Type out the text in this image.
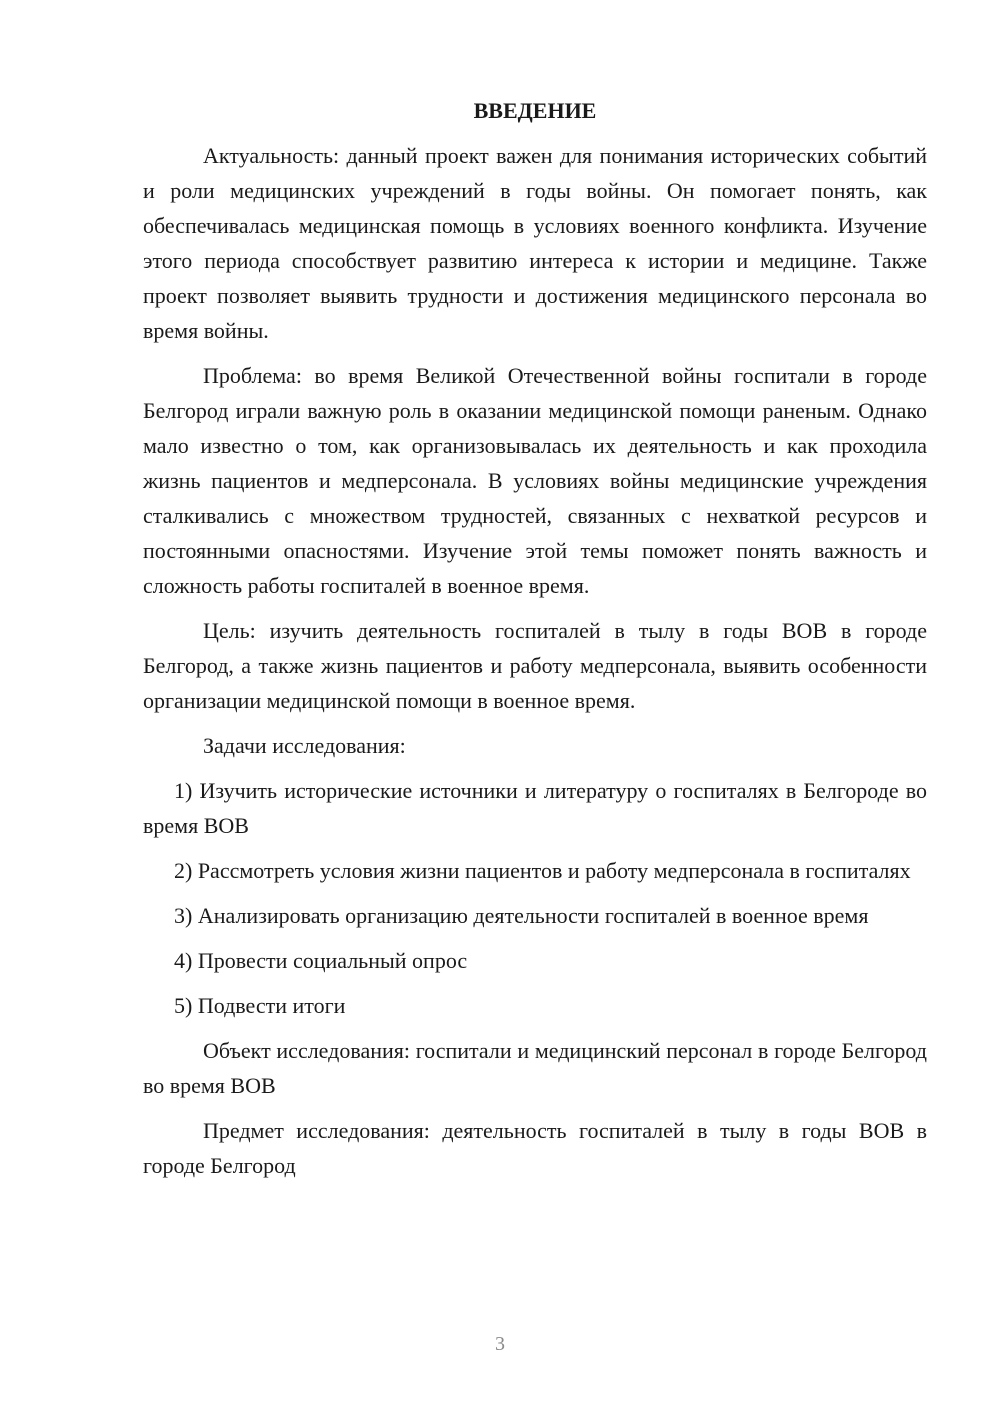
ВВЕДЕНИЕ

Актуальность: данный проект важен для понимания исторических событий и роли медицинских учреждений в годы войны. Он помогает понять, как обеспечивалась медицинская помощь в условиях военного конфликта. Изучение этого периода способствует развитию интереса к истории и медицине. Также проект позволяет выявить трудности и достижения медицинского персонала во время войны.

Проблема: во время Великой Отечественной войны госпитали в городе Белгород играли важную роль в оказании медицинской помощи раненым. Однако мало известно о том, как организовывалась их деятельность и как проходила жизнь пациентов и медперсонала. В условиях войны медицинские учреждения сталкивались с множеством трудностей, связанных с нехваткой ресурсов и постоянными опасностями. Изучение этой темы поможет понять важность и сложность работы госпиталей в военное время.

Цель: изучить деятельность госпиталей в тылу в годы ВОВ в городе Белгород, а также жизнь пациентов и работу медперсонала, выявить особенности организации медицинской помощи в военное время.

Задачи исследования:

1) Изучить исторические источники и литературу о госпиталях в Белгороде во время ВОВ

2) Рассмотреть условия жизни пациентов и работу медперсонала в госпиталях

3) Анализировать организацию деятельности госпиталей в военное время

4) Провести социальный опрос

5) Подвести итоги

Объект исследования: госпитали и медицинский персонал в городе Белгород во время ВОВ

Предмет исследования: деятельность госпиталей в тылу в годы ВОВ в городе Белгород

3
